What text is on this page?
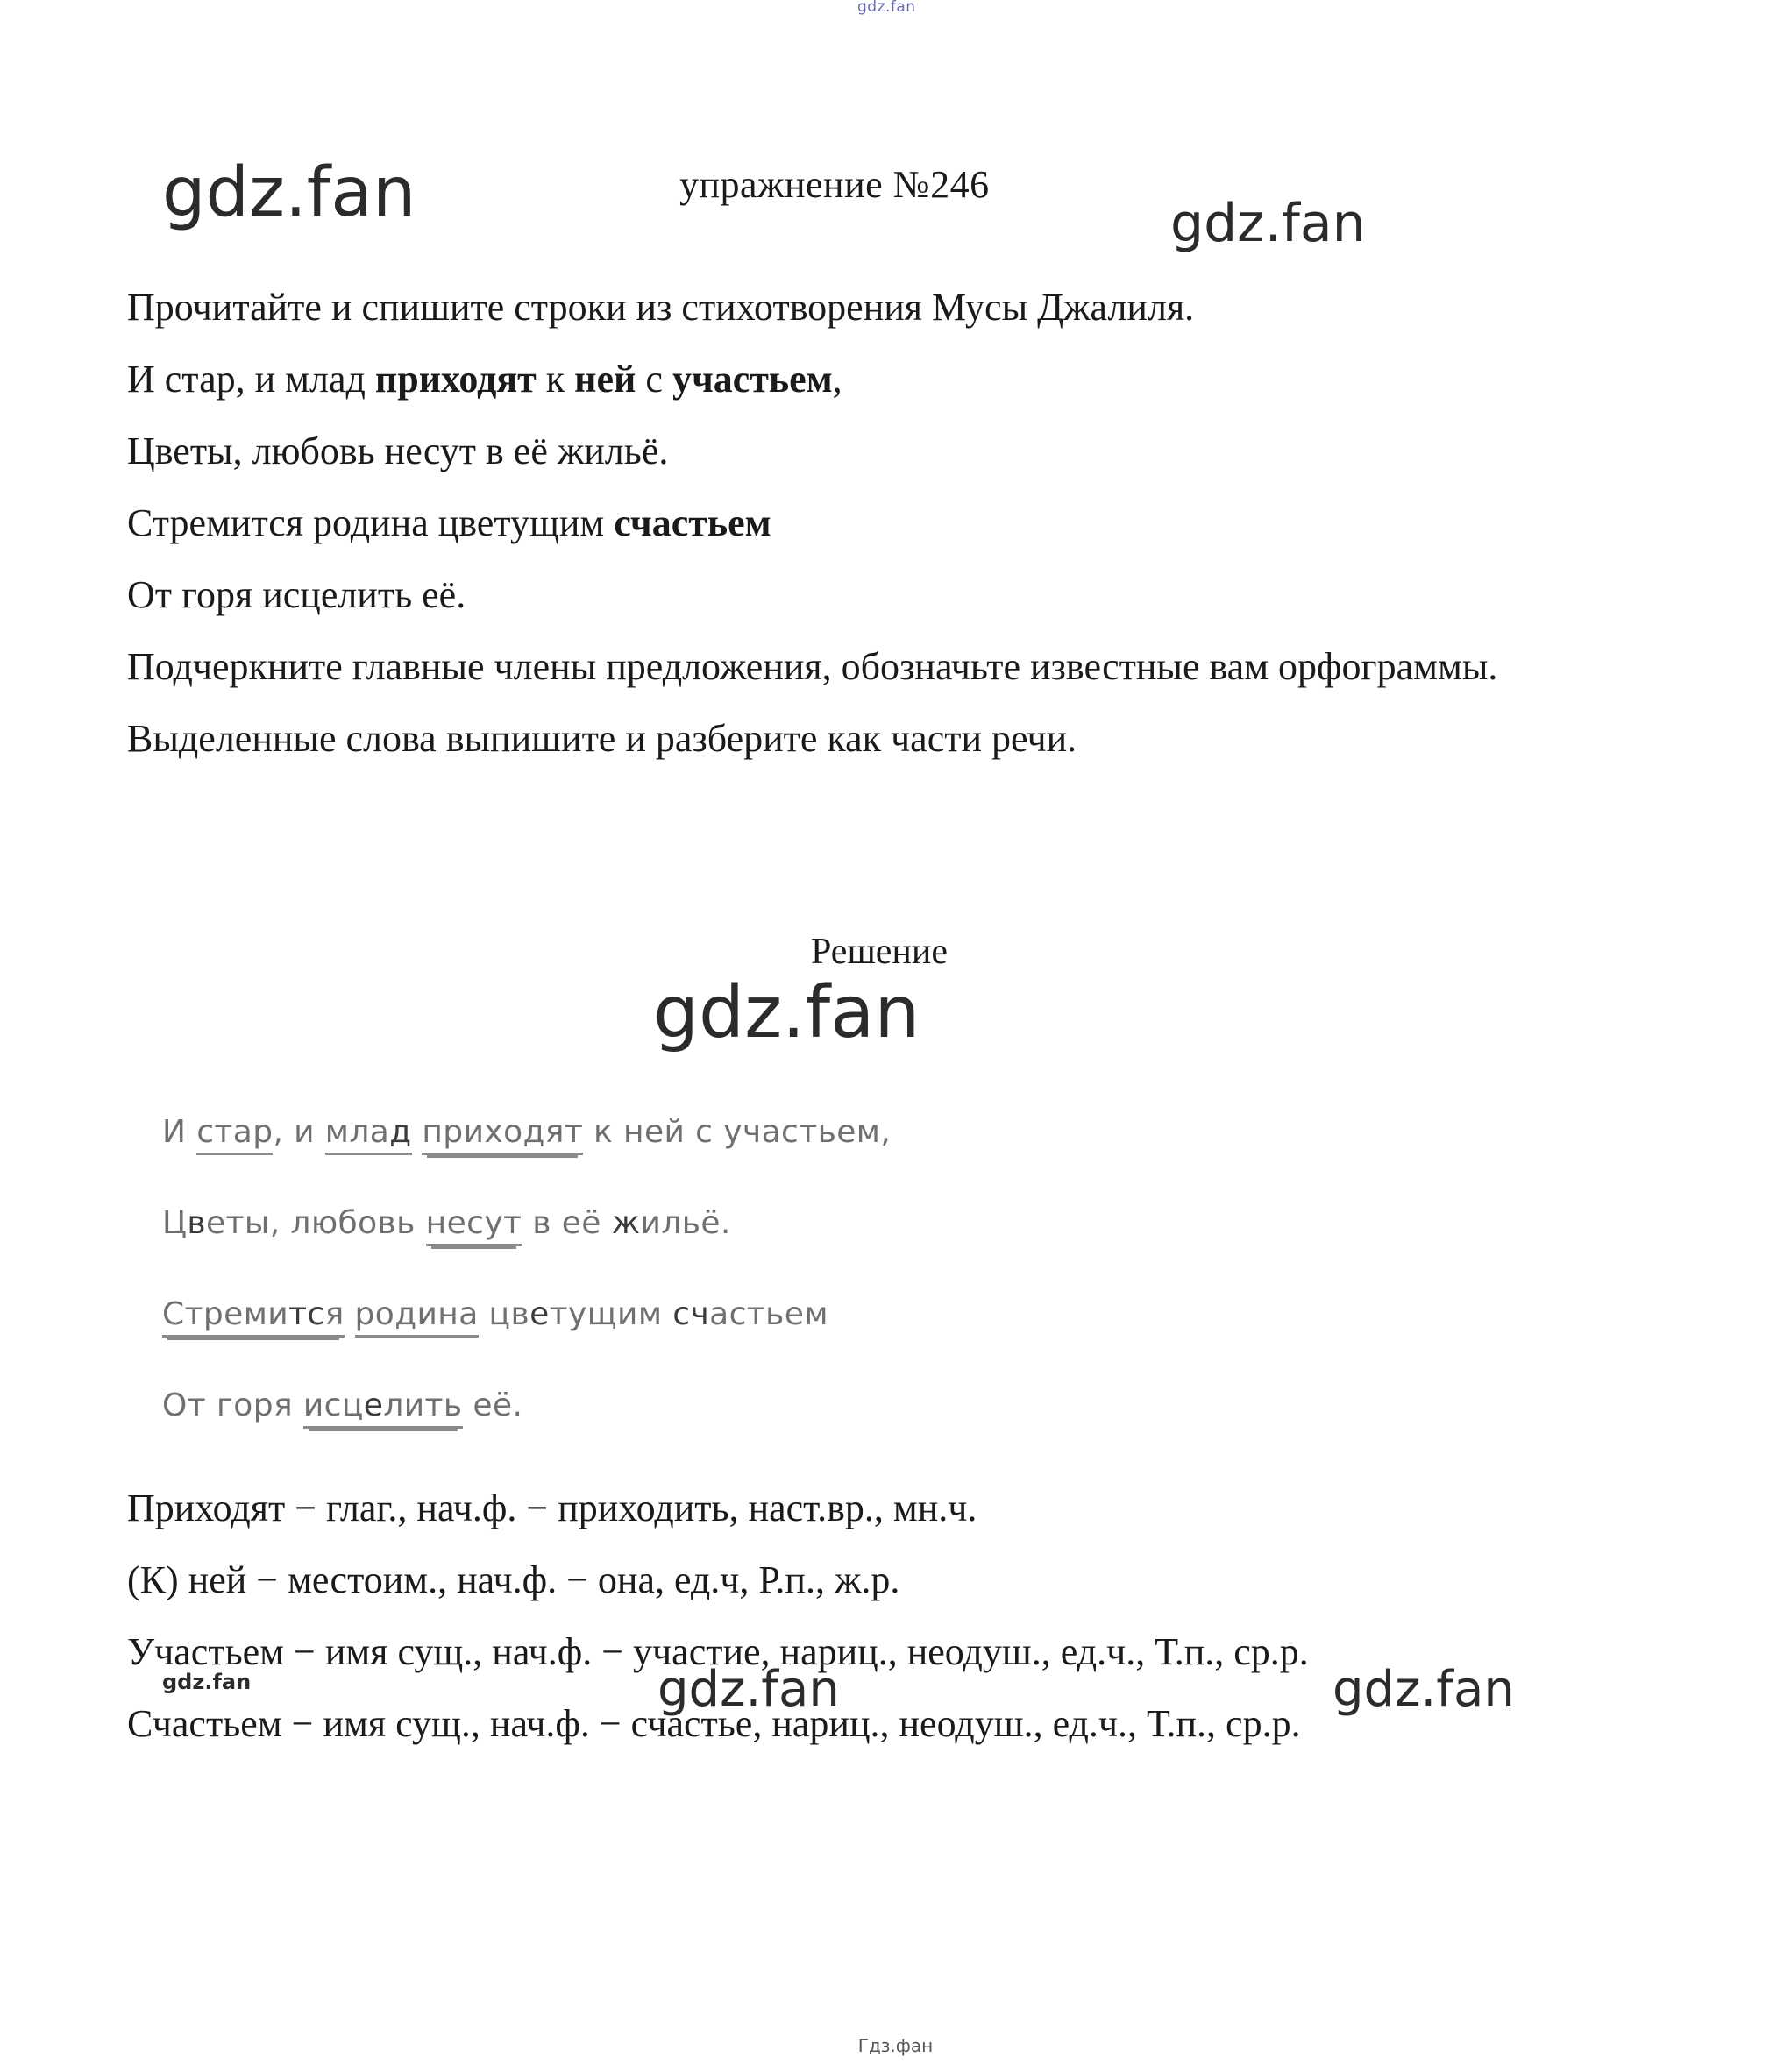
gdz.fan
gdz.fan	gdz.fan
упражнение №246

Прочитайте и спишите строки из стихотворения Мусы Джалиля.

И стар, и млад приходят к ней с участьем,

Цветы, любовь несут в её жильё.

Стремится родина цветущим счастьем

От горя исцелить её.

Подчеркните главные члены предложения, обозначьте известные вам орфограммы. Выделенные слова выпишите и разберите как части речи.

Решение
gdz.fan

И стар, и млад приходят к ней с участьем,

Цветы, любовь несут в её жильё.

Стремится родина цветущим счастьем

От горя исцелить её.

Приходят − глаг., нач.ф. − приходить, наст.вр., мн.ч.

(К) ней − местоим., нач.ф. − она, ед.ч, Р.п., ж.р.

Участьем − имя сущ., нач.ф. − участие, нариц., неодуш., ед.ч., Т.п., ср.р.

Счастьем − имя сущ., нач.ф. − счастье, нариц., неодуш., ед.ч., Т.п., ср.р.

gdz.fan	gdz.fan	gdz.fan
Гдз.фан
